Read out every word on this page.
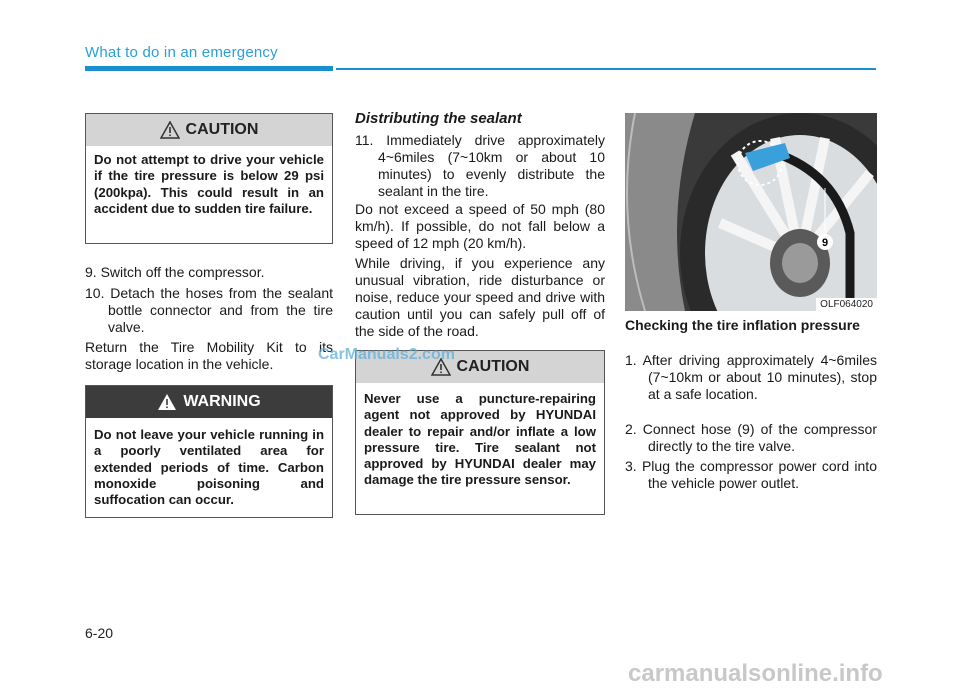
What to do in an emergency
CAUTION
Do not attempt to drive your vehicle if the tire pressure is below 29 psi (200kpa). This could result in an accident due to sudden tire failure.
9. Switch off the compressor.
10. Detach the hoses from the sealant bottle connector and from the tire valve.
Return the Tire Mobility Kit to its storage location in the vehicle.
WARNING
Do not leave your vehicle running in a poorly ventilated area for extended periods of time. Carbon monoxide poisoning and suffocation can occur.
Distributing the sealant
11. Immediately drive approximately 4~6miles (7~10km or about 10 minutes) to evenly distribute the sealant in the tire.
Do not exceed a speed of 50 mph (80 km/h). If possible, do not fall below a speed of 12 mph (20 km/h).
While driving, if you experience any unusual vibration, ride disturbance or noise, reduce your speed and drive with caution until you can safely pull off of the side of the road.
CAUTION
Never use a puncture-repairing agent not approved by HYUNDAI dealer to repair and/or inflate a low pressure tire. Tire sealant not approved by HYUNDAI dealer may damage the tire pressure sensor.
9
OLF064020
Checking the tire inflation pressure
1. After driving approximately 4~6miles (7~10km or about 10 minutes), stop at a safe location.
2. Connect hose (9) of the compressor directly to the tire valve.
3. Plug the compressor power cord into the vehicle power outlet.
6-20
CarManuals2.com
carmanualsonline.info
